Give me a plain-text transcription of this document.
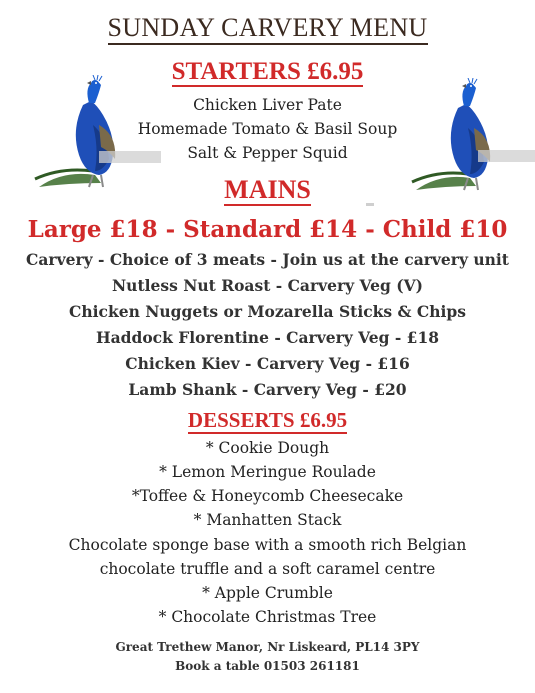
SUNDAY CARVERY MENU
STARTERS £6.95
Chicken Liver Pate
Homemade Tomato & Basil Soup
Salt & Pepper Squid
MAINS
Large £18 - Standard £14 - Child £10
Carvery - Choice of 3 meats - Join us at the carvery unit
Nutless Nut Roast - Carvery Veg (V)
Chicken Nuggets or Mozarella Sticks & Chips
Haddock Florentine - Carvery Veg - £18
Chicken Kiev - Carvery Veg - £16
Lamb Shank - Carvery Veg - £20
DESSERTS £6.95
* Cookie Dough
* Lemon Meringue Roulade
*Toffee & Honeycomb Cheesecake
* Manhatten Stack
Chocolate sponge base with a smooth rich Belgian
chocolate truffle and a soft caramel centre
* Apple Crumble
* Chocolate Christmas Tree
Great Trethew Manor, Nr Liskeard, PL14 3PY
Book a table 01503 261181
